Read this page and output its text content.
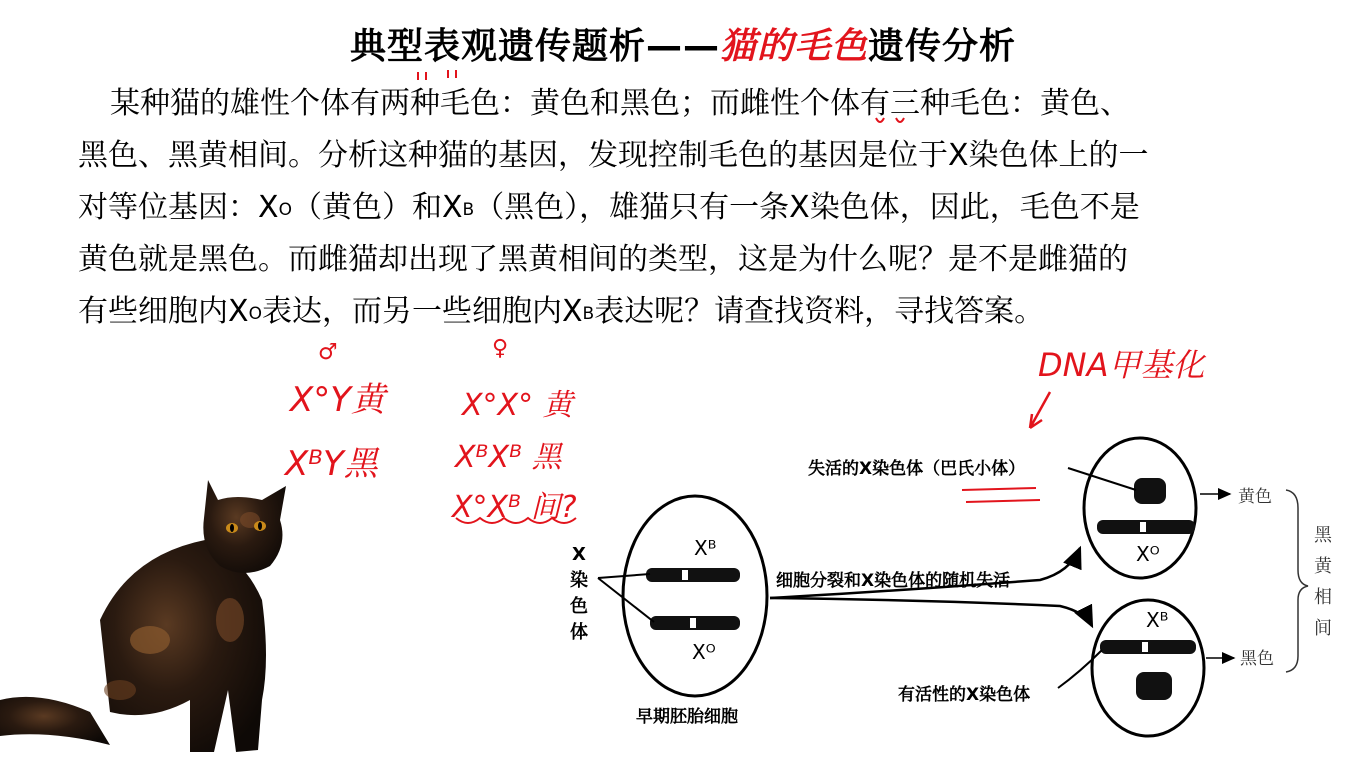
典型表观遗传题析——猫的毛色遗传分析
某种猫的雄性个体有两种毛色：黄色和黑色；而雌性个体有三种毛色：黄色、
黑色、黑黄相间。分析这种猫的基因，发现控制毛色的基因是位于X染色体上的一
对等位基因：$X^O$（黄色）和$X^B$（黑色），雄猫只有一条X染色体，因此，毛色不是
黄色就是黑色。而雌猫却出现了黑黄相间的类型，这是为什么呢？是不是雌猫的
有些细胞内$X^O$表达，而另一些细胞内$X^B$表达呢？请查找资料，寻找答案。
♂
X°Y黄
XᴮY黑
♀
X°X° 黄
XᴮXᴮ 黑
X°Xᴮ 间?
DNA甲基化
X染色体
Xᴮ
Xᴼ
早期胚胎细胞
细胞分裂和X染色体的随机失活
失活的X染色体（巴氏小体）
有活性的X染色体
Xᴼ
Xᴮ
黄色
黑色
黑黄相间
